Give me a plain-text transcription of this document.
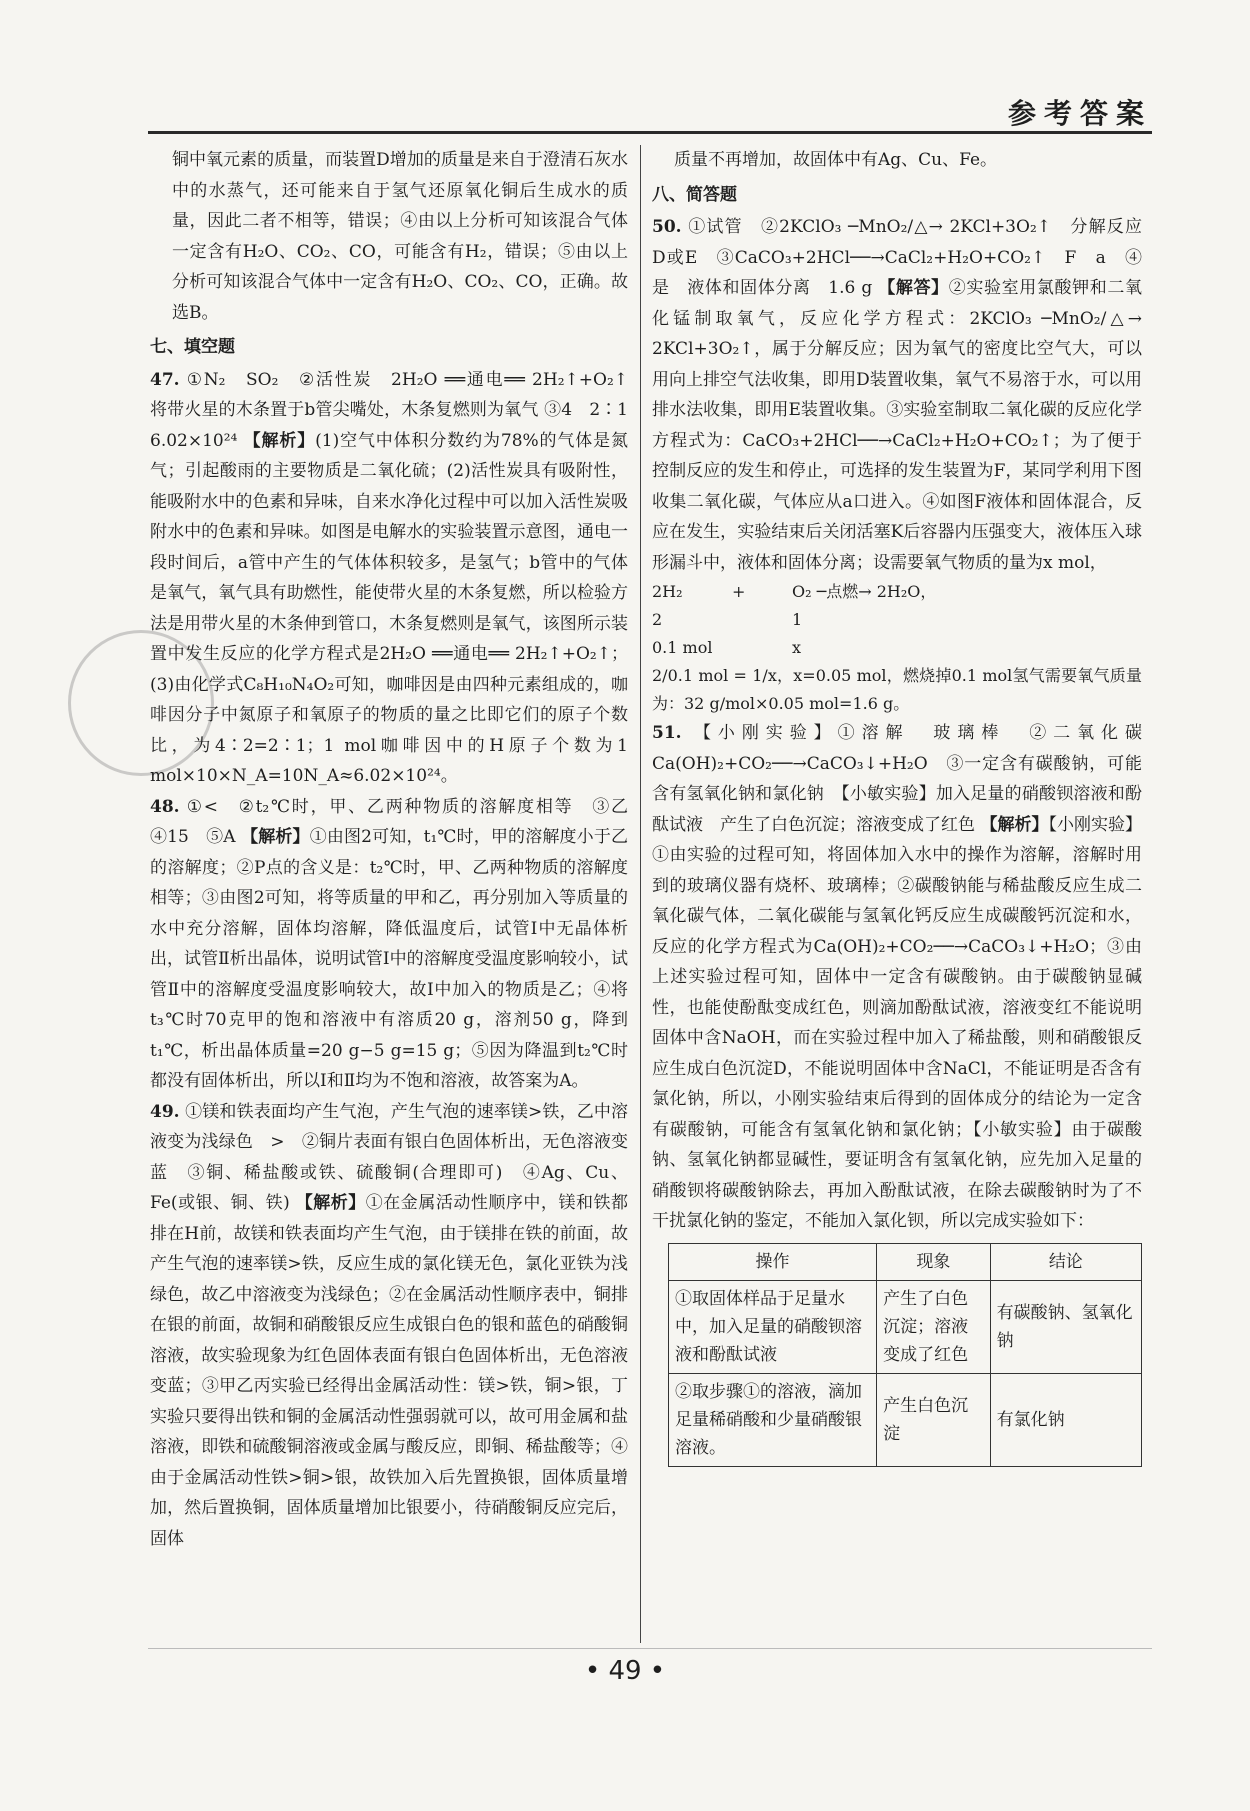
参考答案

铜中氧元素的质量，而装置D增加的质量是来自于澄清石灰水中的水蒸气，还可能来自于氢气还原氧化铜后生成水的质量，因此二者不相等，错误；④由以上分析可知该混合气体一定含有H₂O、CO₂、CO，可能含有H₂，错误；⑤由以上分析可知该混合气体中一定含有H₂O、CO₂、CO，正确。故选B。

七、填空题

47. ①N₂　SO₂　②活性炭　2H₂O ══通电══ 2H₂↑+O₂↑　将带火星的木条置于b管尖嘴处，木条复燃则为氧气 ③4　2∶1　6.02×10²⁴ 【解析】(1)空气中体积分数约为78%的气体是氮气；引起酸雨的主要物质是二氧化硫；(2)活性炭具有吸附性，能吸附水中的色素和异味，自来水净化过程中可以加入活性炭吸附水中的色素和异味。如图是电解水的实验装置示意图，通电一段时间后，a管中产生的气体体积较多，是氢气；b管中的气体是氧气，氧气具有助燃性，能使带火星的木条复燃，所以检验方法是用带火星的木条伸到管口，木条复燃则是氧气，该图所示装置中发生反应的化学方程式是2H₂O ══通电══ 2H₂↑+O₂↑；(3)由化学式C₈H₁₀N₄O₂可知，咖啡因是由四种元素组成的，咖啡因分子中氮原子和氧原子的物质的量之比即它们的原子个数比，为4∶2=2∶1；1 mol咖啡因中的H原子个数为1 mol×10×N_A=10N_A≈6.02×10²⁴。

48. ①<　②t₂℃时，甲、乙两种物质的溶解度相等　③乙　④15　⑤A 【解析】①由图2可知，t₁℃时，甲的溶解度小于乙的溶解度；②P点的含义是：t₂℃时，甲、乙两种物质的溶解度相等；③由图2可知，将等质量的甲和乙，再分别加入等质量的水中充分溶解，固体均溶解，降低温度后，试管Ⅰ中无晶体析出，试管Ⅱ析出晶体，说明试管Ⅰ中的溶解度受温度影响较小，试管Ⅱ中的溶解度受温度影响较大，故Ⅰ中加入的物质是乙；④将t₃℃时70克甲的饱和溶液中有溶质20 g，溶剂50 g，降到t₁℃，析出晶体质量=20 g−5 g=15 g；⑤因为降温到t₂℃时都没有固体析出，所以Ⅰ和Ⅱ均为不饱和溶液，故答案为A。

49. ①镁和铁表面均产生气泡，产生气泡的速率镁>铁，乙中溶液变为浅绿色　>　②铜片表面有银白色固体析出，无色溶液变蓝　③铜、稀盐酸或铁、硫酸铜(合理即可)　④Ag、Cu、Fe(或银、铜、铁) 【解析】①在金属活动性顺序中，镁和铁都排在H前，故镁和铁表面均产生气泡，由于镁排在铁的前面，故产生气泡的速率镁>铁，反应生成的氯化镁无色，氯化亚铁为浅绿色，故乙中溶液变为浅绿色；②在金属活动性顺序表中，铜排在银的前面，故铜和硝酸银反应生成银白色的银和蓝色的硝酸铜溶液，故实验现象为红色固体表面有银白色固体析出，无色溶液变蓝；③甲乙丙实验已经得出金属活动性：镁>铁，铜>银，丁实验只要得出铁和铜的金属活动性强弱就可以，故可用金属和盐溶液，即铁和硫酸铜溶液或金属与酸反应，即铜、稀盐酸等；④由于金属活动性铁>铜>银，故铁加入后先置换银，固体质量增加，然后置换铜，固体质量增加比银要小，待硝酸铜反应完后，固体

质量不再增加，故固体中有Ag、Cu、Fe。

八、简答题

50. ①试管　②2KClO₃ ─MnO₂/△→ 2KCl+3O₂↑　分解反应　D或E　③CaCO₃+2HCl──→CaCl₂+H₂O+CO₂↑　F　a　④是　液体和固体分离　1.6 g 【解答】②实验室用氯酸钾和二氧化锰制取氧气，反应化学方程式：2KClO₃ ─MnO₂/△→ 2KCl+3O₂↑，属于分解反应；因为氧气的密度比空气大，可以用向上排空气法收集，即用D装置收集，氧气不易溶于水，可以用排水法收集，即用E装置收集。③实验室制取二氧化碳的反应化学方程式为：CaCO₃+2HCl──→CaCl₂+H₂O+CO₂↑；为了便于控制反应的发生和停止，可选择的发生装置为F，某同学利用下图收集二氧化碳，气体应从a口进入。④如图F液体和固体混合，反应在发生，实验结束后关闭活塞K后容器内压强变大，液体压入球形漏斗中，液体和固体分离；设需要氧气物质的量为x mol，

2H₂	+	O₂ ─点燃→ 2H₂O，
2	1
0.1 mol	x
2/0.1 mol = 1/x，x=0.05 mol，燃烧掉0.1 mol氢气需要氧气质量为：32 g/mol×0.05 mol=1.6 g。

51. 【小刚实验】①溶解　玻璃棒　②二氧化碳　Ca(OH)₂+CO₂──→CaCO₃↓+H₂O　③一定含有碳酸钠，可能含有氢氧化钠和氯化钠　【小敏实验】加入足量的硝酸钡溶液和酚酞试液　产生了白色沉淀；溶液变成了红色 【解析】【小刚实验】①由实验的过程可知，将固体加入水中的操作为溶解，溶解时用到的玻璃仪器有烧杯、玻璃棒；②碳酸钠能与稀盐酸反应生成二氧化碳气体，二氧化碳能与氢氧化钙反应生成碳酸钙沉淀和水，反应的化学方程式为Ca(OH)₂+CO₂──→CaCO₃↓+H₂O；③由上述实验过程可知，固体中一定含有碳酸钠。由于碳酸钠显碱性，也能使酚酞变成红色，则滴加酚酞试液，溶液变红不能说明固体中含NaOH，而在实验过程中加入了稀盐酸，则和硝酸银反应生成白色沉淀D，不能说明固体中含NaCl，不能证明是否含有氯化钠，所以，小刚实验结束后得到的固体成分的结论为一定含有碳酸钠，可能含有氢氧化钠和氯化钠；【小敏实验】由于碳酸钠、氢氧化钠都显碱性，要证明含有氢氧化钠，应先加入足量的硝酸钡将碳酸钠除去，再加入酚酞试液，在除去碳酸钠时为了不干扰氯化钠的鉴定，不能加入氯化钡，所以完成实验如下：

操作	现象	结论
①取固体样品于足量水中，加入足量的硝酸钡溶液和酚酞试液	产生了白色沉淀；溶液变成了红色	有碳酸钠、氢氧化钠
②取步骤①的溶液，滴加足量稀硝酸和少量硝酸银溶液。	产生白色沉淀	有氯化钠
• 49 •
